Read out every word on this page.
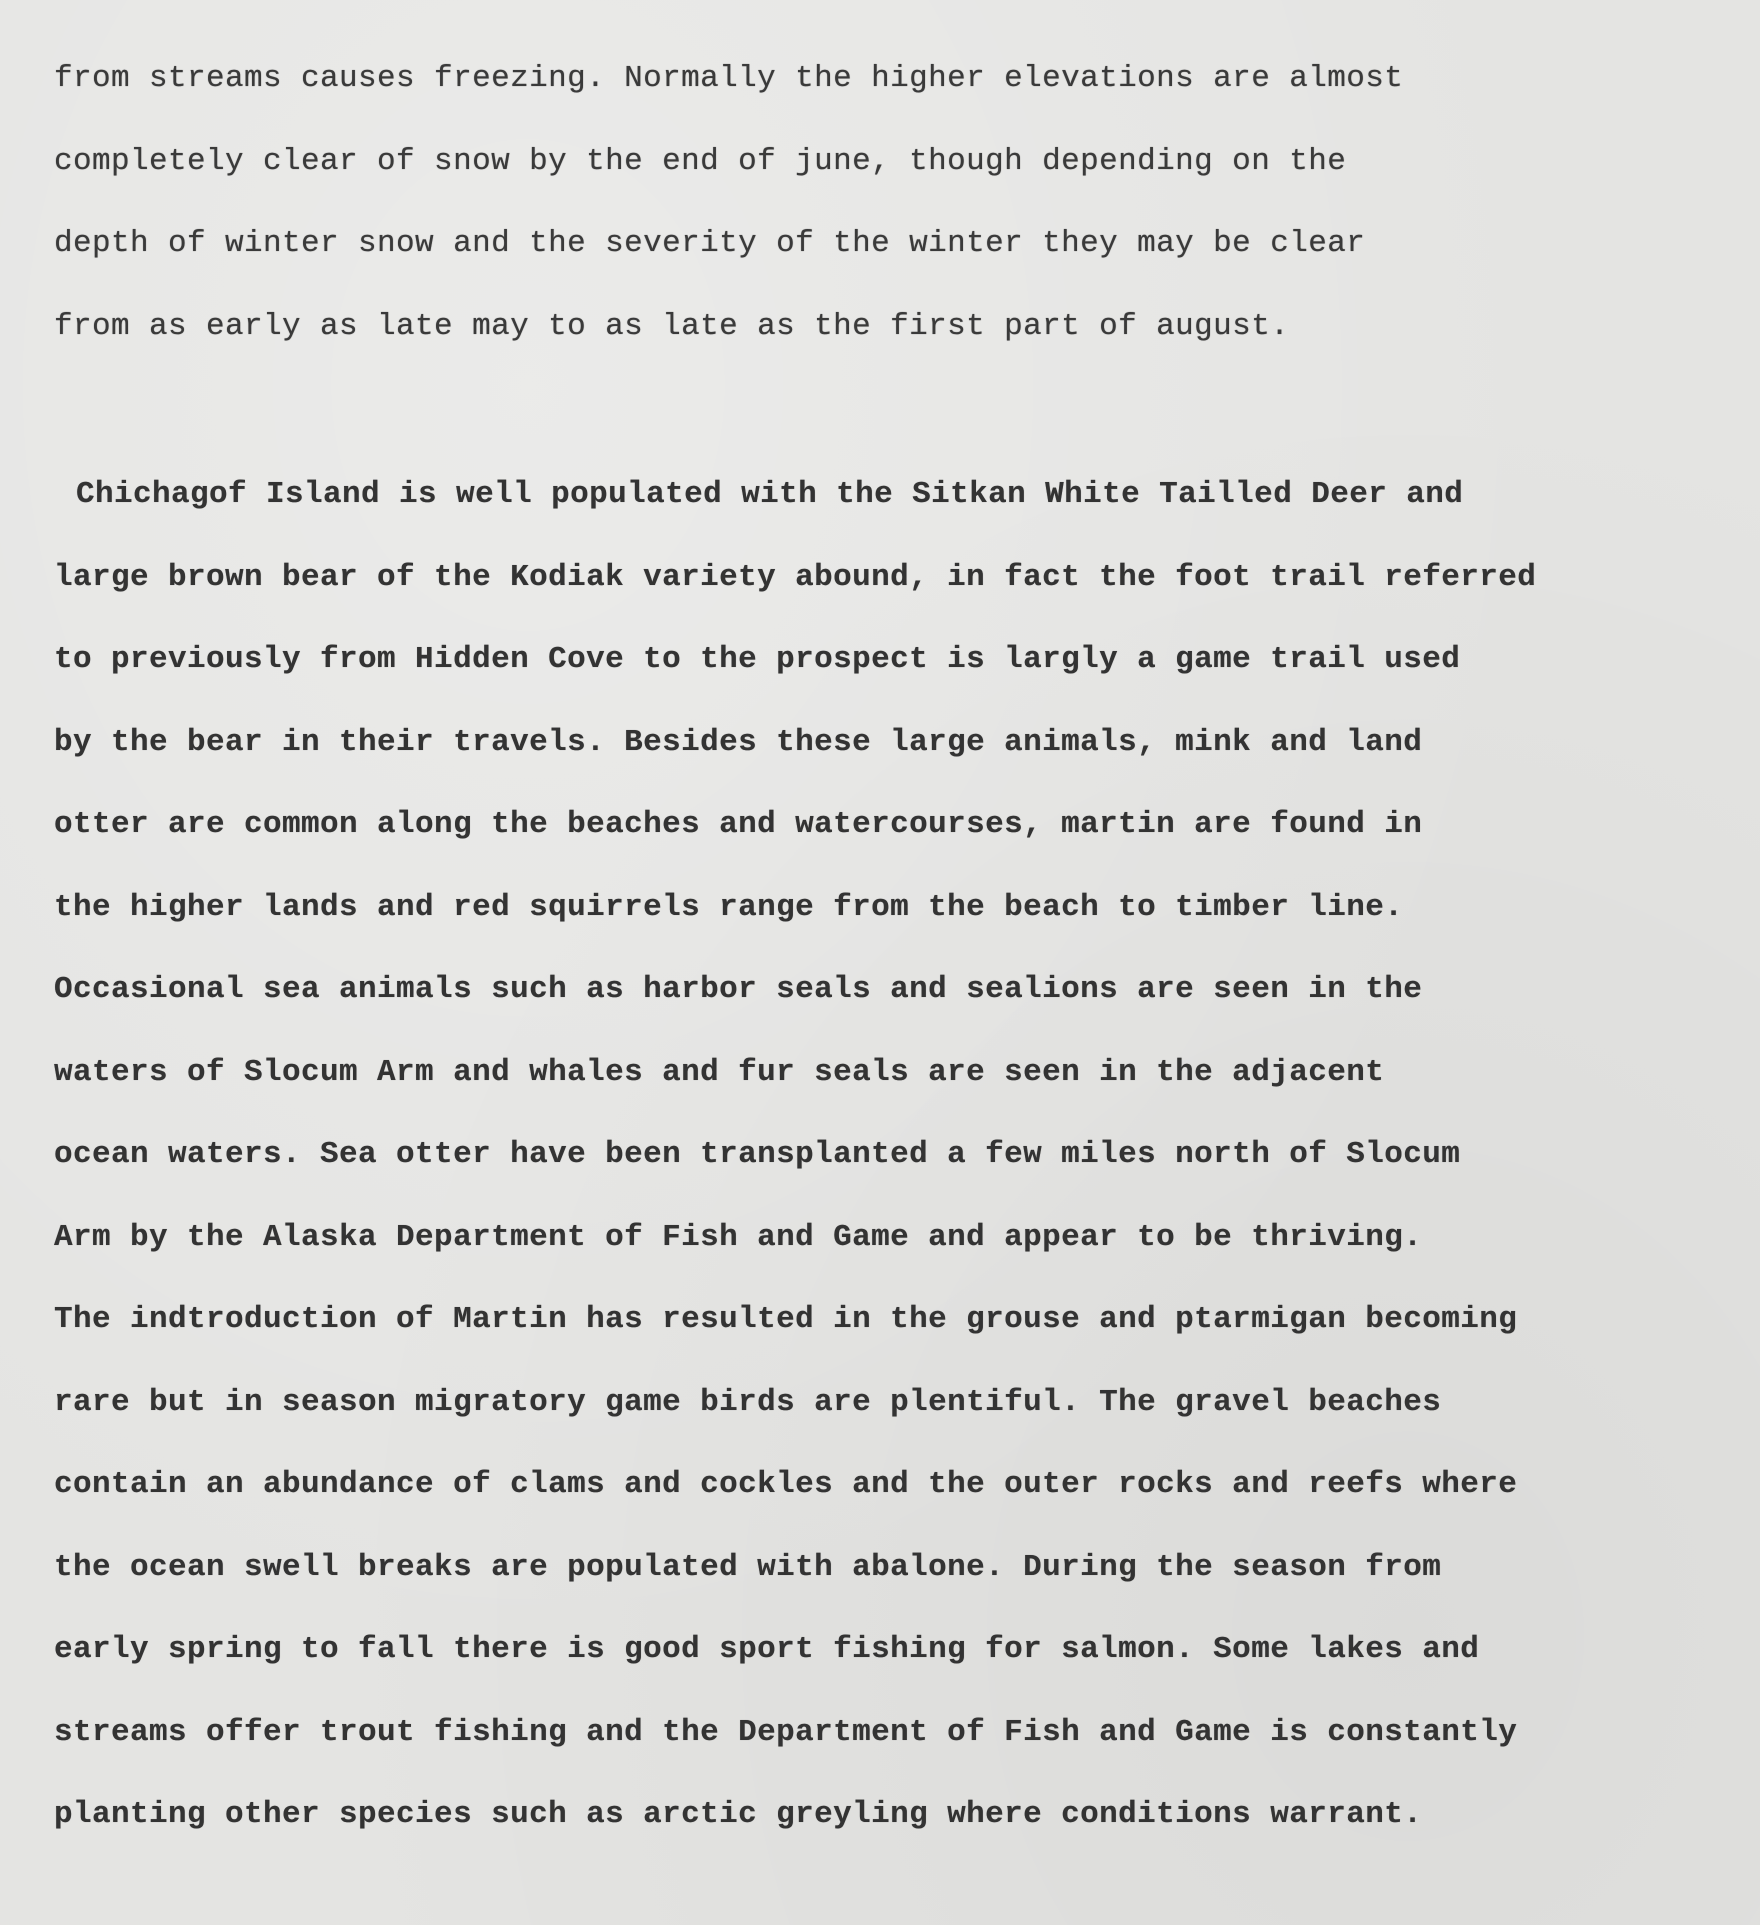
from streams causes freezing. Normally the higher elevations are almost
completely clear of snow by the end of june, though depending on the
depth of winter snow and the severity of the winter they may be clear
from as early as late may to as late as the first part of august.
Chichagof Island is well populated with the Sitkan White Tailled Deer and
large brown bear of the Kodiak variety abound, in fact the foot trail referred
to previously from Hidden Cove to the prospect is largly a game trail used
by the bear in their travels. Besides these large animals, mink and land
otter are common along the beaches and watercourses, martin are found in
the higher lands and red squirrels range from the beach to timber line.
Occasional sea animals such as harbor seals and sealions are seen in the
waters of Slocum Arm and whales and fur seals are seen in the adjacent
ocean waters. Sea otter have been transplanted a few miles north of Slocum
Arm by the Alaska Department of Fish and Game and appear to be thriving.
The indtroduction of Martin has resulted in the grouse and ptarmigan becoming
rare but in season migratory game birds are plentiful. The gravel beaches
contain an abundance of clams and cockles and the outer rocks and reefs where
the ocean swell breaks are populated with abalone. During the season from
early spring to fall there is good sport fishing for salmon. Some lakes and
streams offer trout fishing and the Department of Fish and Game is constantly
planting other species such as arctic greyling where conditions warrant.
